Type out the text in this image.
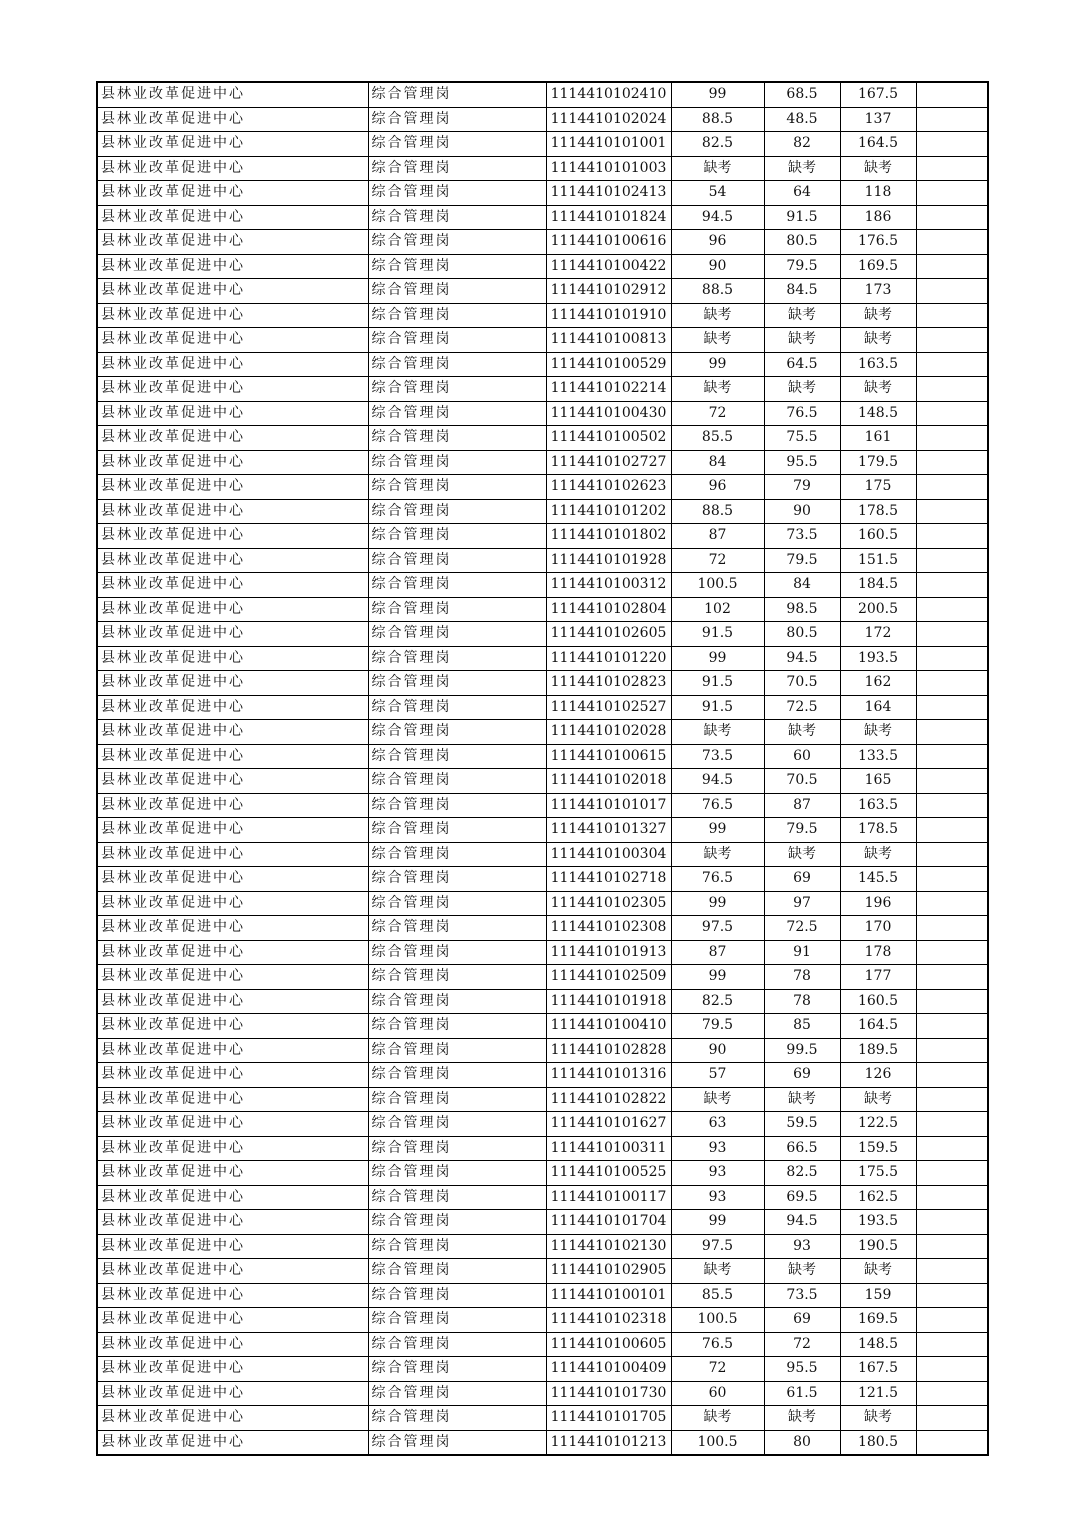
县林业改革促进中心	综合管理岗	1114410102410	99	68.5	167.5	
县林业改革促进中心	综合管理岗	1114410102024	88.5	48.5	137	
县林业改革促进中心	综合管理岗	1114410101001	82.5	82	164.5	
县林业改革促进中心	综合管理岗	1114410101003	缺考	缺考	缺考	
县林业改革促进中心	综合管理岗	1114410102413	54	64	118	
县林业改革促进中心	综合管理岗	1114410101824	94.5	91.5	186	
县林业改革促进中心	综合管理岗	1114410100616	96	80.5	176.5	
县林业改革促进中心	综合管理岗	1114410100422	90	79.5	169.5	
县林业改革促进中心	综合管理岗	1114410102912	88.5	84.5	173	
县林业改革促进中心	综合管理岗	1114410101910	缺考	缺考	缺考	
县林业改革促进中心	综合管理岗	1114410100813	缺考	缺考	缺考	
县林业改革促进中心	综合管理岗	1114410100529	99	64.5	163.5	
县林业改革促进中心	综合管理岗	1114410102214	缺考	缺考	缺考	
县林业改革促进中心	综合管理岗	1114410100430	72	76.5	148.5	
县林业改革促进中心	综合管理岗	1114410100502	85.5	75.5	161	
县林业改革促进中心	综合管理岗	1114410102727	84	95.5	179.5	
县林业改革促进中心	综合管理岗	1114410102623	96	79	175	
县林业改革促进中心	综合管理岗	1114410101202	88.5	90	178.5	
县林业改革促进中心	综合管理岗	1114410101802	87	73.5	160.5	
县林业改革促进中心	综合管理岗	1114410101928	72	79.5	151.5	
县林业改革促进中心	综合管理岗	1114410100312	100.5	84	184.5	
县林业改革促进中心	综合管理岗	1114410102804	102	98.5	200.5	
县林业改革促进中心	综合管理岗	1114410102605	91.5	80.5	172	
县林业改革促进中心	综合管理岗	1114410101220	99	94.5	193.5	
县林业改革促进中心	综合管理岗	1114410102823	91.5	70.5	162	
县林业改革促进中心	综合管理岗	1114410102527	91.5	72.5	164	
县林业改革促进中心	综合管理岗	1114410102028	缺考	缺考	缺考	
县林业改革促进中心	综合管理岗	1114410100615	73.5	60	133.5	
县林业改革促进中心	综合管理岗	1114410102018	94.5	70.5	165	
县林业改革促进中心	综合管理岗	1114410101017	76.5	87	163.5	
县林业改革促进中心	综合管理岗	1114410101327	99	79.5	178.5	
县林业改革促进中心	综合管理岗	1114410100304	缺考	缺考	缺考	
县林业改革促进中心	综合管理岗	1114410102718	76.5	69	145.5	
县林业改革促进中心	综合管理岗	1114410102305	99	97	196	
县林业改革促进中心	综合管理岗	1114410102308	97.5	72.5	170	
县林业改革促进中心	综合管理岗	1114410101913	87	91	178	
县林业改革促进中心	综合管理岗	1114410102509	99	78	177	
县林业改革促进中心	综合管理岗	1114410101918	82.5	78	160.5	
县林业改革促进中心	综合管理岗	1114410100410	79.5	85	164.5	
县林业改革促进中心	综合管理岗	1114410102828	90	99.5	189.5	
县林业改革促进中心	综合管理岗	1114410101316	57	69	126	
县林业改革促进中心	综合管理岗	1114410102822	缺考	缺考	缺考	
县林业改革促进中心	综合管理岗	1114410101627	63	59.5	122.5	
县林业改革促进中心	综合管理岗	1114410100311	93	66.5	159.5	
县林业改革促进中心	综合管理岗	1114410100525	93	82.5	175.5	
县林业改革促进中心	综合管理岗	1114410100117	93	69.5	162.5	
县林业改革促进中心	综合管理岗	1114410101704	99	94.5	193.5	
县林业改革促进中心	综合管理岗	1114410102130	97.5	93	190.5	
县林业改革促进中心	综合管理岗	1114410102905	缺考	缺考	缺考	
县林业改革促进中心	综合管理岗	1114410100101	85.5	73.5	159	
县林业改革促进中心	综合管理岗	1114410102318	100.5	69	169.5	
县林业改革促进中心	综合管理岗	1114410100605	76.5	72	148.5	
县林业改革促进中心	综合管理岗	1114410100409	72	95.5	167.5	
县林业改革促进中心	综合管理岗	1114410101730	60	61.5	121.5	
县林业改革促进中心	综合管理岗	1114410101705	缺考	缺考	缺考	
县林业改革促进中心	综合管理岗	1114410101213	100.5	80	180.5	
